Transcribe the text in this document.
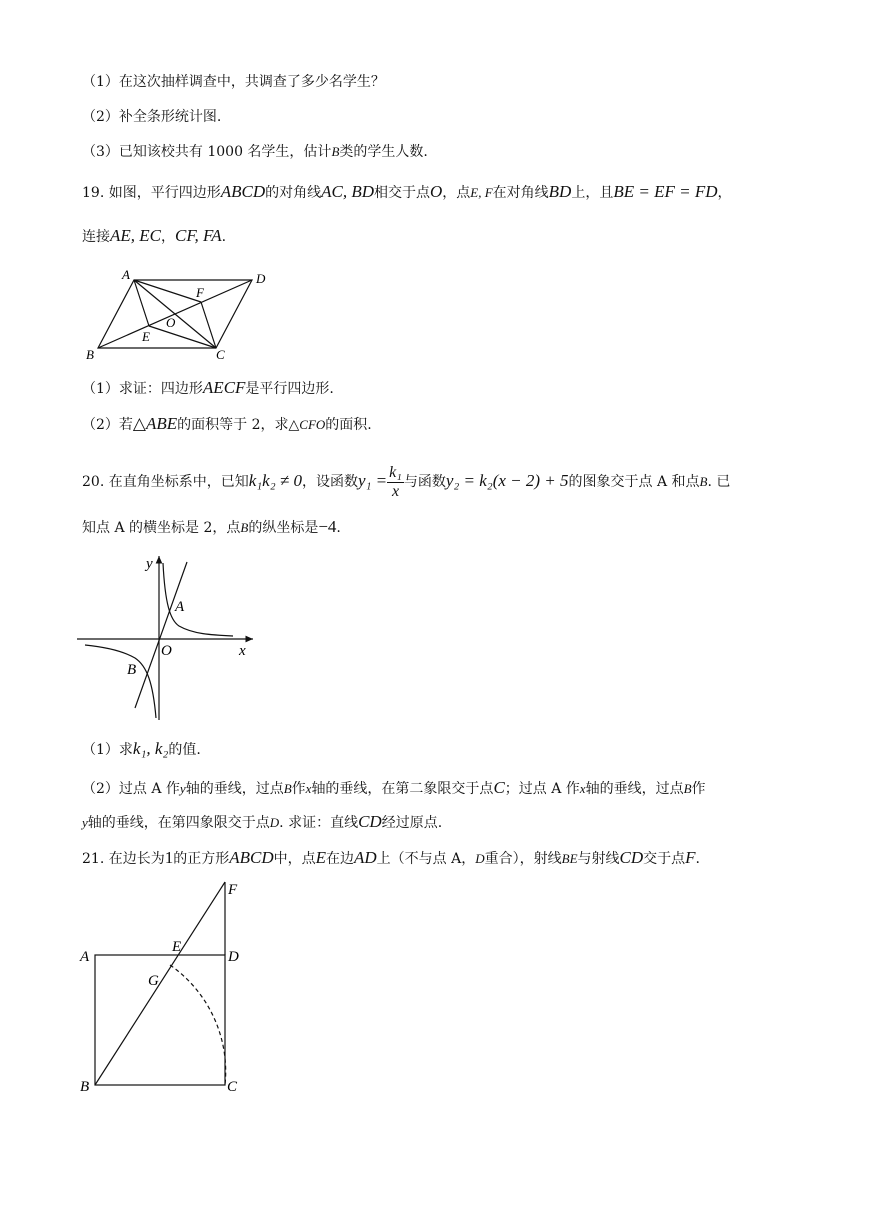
（1）在这次抽样调查中，共调查了多少名学生？
（2）补全条形统计图.
（3）已知该校共有 1000 名学生，估计B类的学生人数.
19. 如图，平行四边形ABCD的对角线AC, BD相交于点O，点E, F在对角线BD上，且BE = EF = FD，
连接AE, EC，CF, FA.
A	D
F
O
E
B	C
（1）求证：四边形AECF是平行四边形.
（2）若△ABE的面积等于 2，求△CFO的面积.
20. 在直角坐标系中，已知k₁k₂ ≠ 0，设函数$y_1 = \frac{\text{k₁}}{x}$ 与函数y₂ = k₂(x − 2) + 5的图象交于点 A 和点B. 已
知点 A 的横坐标是 2，点B的纵坐标是−4.
y
A
O	x
B
（1）求k₁, k₂的值.
（2）过点 A 作y轴的垂线，过点B作x轴的垂线，在第二象限交于点C；过点 A 作x轴的垂线，过点B作
y轴的垂线，在第四象限交于点D. 求证：直线CD经过原点.
21. 在边长为1的正方形ABCD中，点E在边AD上（不与点 A，D重合），射线BE与射线CD交于点F.
F
E
A	D
G
B	C
